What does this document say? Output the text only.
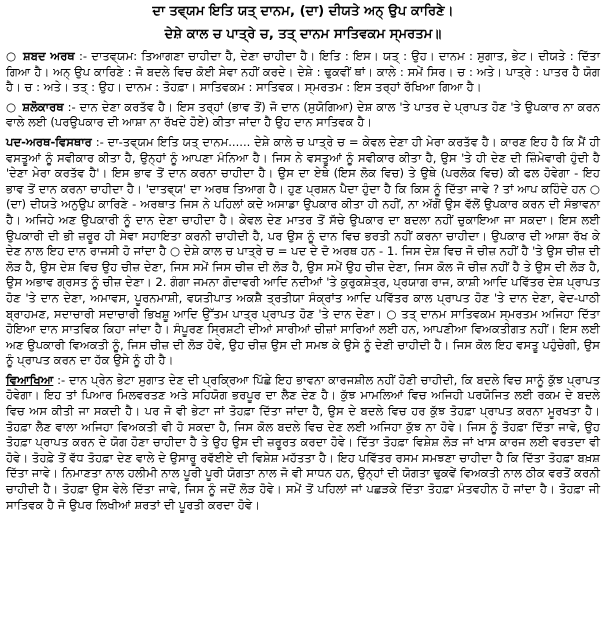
ਦਾ ਤਵ੍ਯਮ ਇਤਿ ਯਤ੍ ਦਾਨਮ, (ਦਾ) ਦੀਯਤੇ ਅਨ੍ ਉਪ ਕਾਰਿਣੇ।
ਦੇਸ਼ੇ ਕਾਲ ਚ ਪਾਤ੍ਰੇ ਚ, ਤਤ੍ ਦਾਨਮ ਸਾਤਿਵਕਮ ਸ੍ਮਰਤਮ॥

○ ਸ਼ਬਦ ਅਰਥ :- ਦਾਤਵ੍ਯਮ: ਤਿਆਗਣਾ ਚਾਹੀਦਾ ਹੈ, ਦੇਣਾ ਚਾਹੀਦਾ ਹੈ। ਇਤਿ : ਇਸ। ਯਤ੍ : ਉਹ। ਦਾਨਮ : ਸੁਗਾਤ, ਭੇਟ। ਦੀਯਤੇ : ਦਿੱਤਾ ਗਿਆ ਹੈ। ਅਨ੍ ਉਪ ਕਾਰਿਣੇ : ਜੋ ਬਦਲੇ ਵਿਚ ਕੋਈ ਸੇਵਾ ਨਹੀਂ ਕਰਦੇ। ਦੇਸ਼ੇ : ਢੁਕਵੀਂ ਥਾਂ। ਕਾਲੇ : ਸਮੇਂ ਸਿਰ। ਚ : ਅਤੇ। ਪਾਤ੍ਰੇ : ਪਾਤਰ ਹੈ ਯੋਗ ਹੈ। ਚ : ਅਤੇ। ਤਤ੍ : ਉਹ। ਦਾਨਮ : ਤੋਹਫ਼ਾ। ਸਾਤਿਵਕਮ : ਸਾਤਿਵਕ। ਸ੍ਮਰਤਮ : ਇਸ ਤਰ੍ਹਾਂ ਰੱਖਿਆ ਗਿਆ ਹੈ।

○ ਸ਼ਲੋਕਾਰਥ :- ਦਾਨ ਦੇਣਾ ਕਰਤੱਵ ਹੈ। ਇਸ ਤਰ੍ਹਾਂ (ਭਾਵ ਤੋਂ) ਜੋ ਦਾਨ (ਸੁਯੋਗਿਆ) ਦੇਸ਼ ਕਾਲ 'ਤੇ ਪਾਤਰ ਦੇ ਪ੍ਰਾਪਤ ਹੋਣ 'ਤੇ ਉਪਕਾਰ ਨਾ ਕਰਨ ਵਾਲੇ ਲਈ (ਪਰਉਪਕਾਰ ਦੀ ਆਸ਼ਾ ਨਾ ਰੱਖਦੇ ਹੋਏ) ਕੀਤਾ ਜਾਂਦਾ ਹੈ ਉਹ ਦਾਨ ਸਾਤਿਵਕ ਹੈ।

ਪਦ-ਅਰਥ-ਵਿਸਥਾਰ :- ਦਾ-ਤਵ੍ਯਮ ਇਤਿ ਯਤ੍ ਦਾਨਮ...... ਦੇਸ਼ੇ ਕਾਲੇ ਚ ਪਾਤ੍ਰੇ ਚ = ਕੇਵਲ ਦੇਣਾ ਹੀ ਮੇਰਾ ਕਰਤੱਵ ਹੈ। ਕਾਰਣ ਇਹ ਹੈ ਕਿ ਮੈਂ ਹੀ ਵਸਤੂਆਂ ਨੂੰ ਸਵੀਕਾਰ ਕੀਤਾ ਹੈ, ਉਨ੍ਹਾਂ ਨੂੰ ਆਪਣਾ ਮੰਨਿਆ ਹੈ। ਜਿਸ ਨੇ ਵਸਤੂਆਂ ਨੂੰ ਸਵੀਕਾਰ ਕੀਤਾ ਹੈ, ਉਸ 'ਤੇ ਹੀ ਦੇਣ ਦੀ ਜ਼ਿੰਮੇਵਾਰੀ ਹੁੰਦੀ ਹੈ 'ਦੇਣਾ ਮੇਰਾ ਕਰਤੱਵ ਹੈ'। ਇਸ ਭਾਵ ਤੋਂ ਦਾਨ ਕਰਨਾ ਚਾਹੀਦਾ ਹੈ। ਉਸ ਦਾ ਏਥੇ (ਇਸ ਲੋਕ ਵਿਚ) ਤੇ ਉਥੇ (ਪਰਲੋਕ ਵਿਚ) ਕੀ ਫਲ ਹੋਵੇਗਾ - ਇਹ ਭਾਵ ਤੋਂ ਦਾਨ ਕਰਨਾ ਚਾਹੀਦਾ ਹੈ। 'ਦਾਤਵ੍ਯ' ਦਾ ਅਰਥ ਤਿਆਗ ਹੈ। ਹੁਣ ਪ੍ਰਸ਼ਨ ਪੈਦਾ ਹੁੰਦਾ ਹੈ ਕਿ ਕਿਸ ਨੂੰ ਦਿੱਤਾ ਜਾਵੇ ? ਤਾਂ ਆਪ ਕਹਿੰਦੇ ਹਨ ○ (ਦਾ) ਦੀਯਤੇ ਅਨੁਉਪ ਕਾਰਿਣੇ - ਅਰਥਾਤ ਜਿਸ ਨੇ ਪਹਿਲਾਂ ਕਦੇ ਅਸਾਡਾ ਉਪਕਾਰ ਕੀਤਾ ਹੀ ਨਹੀਂ, ਨਾ ਅੱਗੋਂ ਉਸ ਵੱਲੋਂ ਉਪਕਾਰ ਕਰਨ ਦੀ ਸੰਭਾਵਨਾ ਹੈ। ਅਜਿਹੇ ਅਣ ਉਪਕਾਰੀ ਨੂੰ ਦਾਨ ਦੇਣਾ ਚਾਹੀਦਾ ਹੈ। ਕੇਵਲ ਦੇਣ ਮਾਤਰ ਤੋਂ ਸੱਚੇ ਉਪਕਾਰ ਦਾ ਬਦਲਾ ਨਹੀਂ ਚੁਕਾਇਆ ਜਾ ਸਕਦਾ। ਇਸ ਲਈ ਉਪਕਾਰੀ ਦੀ ਭੀ ਜ਼ਰੂਰ ਹੀ ਸੇਵਾ ਸਹਾਇਤਾ ਕਰਨੀ ਚਾਹੀਦੀ ਹੈ, ਪਰ ਉਸ ਨੂੰ ਦਾਨ ਵਿਚ ਭਰਤੀ ਨਹੀਂ ਕਰਨਾ ਚਾਹੀਦਾ। ਉਪਕਾਰ ਦੀ ਆਸ਼ਾ ਰੱਖ ਕੇ ਦੇਣ ਨਾਲ ਇਹ ਦਾਨ ਰਾਜਸੀ ਹੋ ਜਾਂਦਾ ਹੈ ○ ਦੇਸ਼ੇ ਕਾਲ ਚ ਪਾਤ੍ਰੇ ਚ = ਪਦ ਦੇ ਦੋ ਅਰਥ ਹਨ - 1. ਜਿਸ ਦੇਸ਼ ਵਿਚ ਜੋ ਚੀਜ਼ ਨਹੀਂ ਹੈ 'ਤੇ ਉਸ ਚੀਜ਼ ਦੀ ਲੋੜ ਹੈ, ਉਸ ਦੇਸ਼ ਵਿਚ ਉਹ ਚੀਜ਼ ਦੇਣਾ, ਜਿਸ ਸਮੇਂ ਜਿਸ ਚੀਜ਼ ਦੀ ਲੋੜ ਹੈ, ਉਸ ਸਮੇਂ ਉਹ ਚੀਜ਼ ਦੇਣਾ, ਜਿਸ ਕੋਲ ਜੋ ਚੀਜ਼ ਨਹੀਂ ਹੈ ਤੇ ਉਸ ਦੀ ਲੋੜ ਹੈ, ਉਸ ਅਭਾਵ ਗ੍ਰਸਤ ਨੂੰ ਚੀਜ਼ ਦੇਣਾ। 2. ਗੰਗਾ ਜਮਨਾ ਗੋਦਾਵਰੀ ਆਦਿ ਨਦੀਆਂ 'ਤੇ ਕੁਰੁਕਸ਼ੇਤ੍ਰ, ਪ੍ਰਯਾਗ ਰਾਜ, ਕਾਸ਼ੀ ਆਦਿ ਪਵਿੱਤਰ ਦੇਸ਼ ਪ੍ਰਾਪਤ ਹੋਣ 'ਤੇ ਦਾਨ ਦੇਣਾ, ਅਮਾਵਸ, ਪੂਰਨਮਾਸ਼ੀ, ਵਯਤੀਪਾਤ ਅਕਸ਼ੈ ਤ੍ਰਤੀਯਾ ਸੰਕ੍ਰਾਂਤ ਆਦਿ ਪਵਿੱਤਰ ਕਾਲ ਪ੍ਰਾਪਤ ਹੋਣ 'ਤੇ ਦਾਨ ਦੇਣਾ, ਵੇਦ-ਪਾਠੀ ਬ੍ਰਾਹਮਣ, ਸਦਾਚਾਰੀ ਸਦਾਚਾਰੀ ਭਿਖਸ਼ੂ ਆਦਿ ਉੱਤਮ ਪਾਤ੍ਰ ਪ੍ਰਾਪਤ ਹੋਣ 'ਤੇ ਦਾਨ ਦੇਣਾ। ○ ਤਤ੍ ਦਾਨਮ ਸਾਤਿਵਕਮ ਸ੍ਮਰਤਮ ਅਜਿਹਾ ਦਿੱਤਾ ਹੋਇਆ ਦਾਨ ਸਾਤਵਿਕ ਕਿਹਾ ਜਾਂਦਾ ਹੈ। ਸੰਪੂਰਣ ਸ੍ਰਿਸ਼ਟੀ ਦੀਆਂ ਸਾਰੀਆਂ ਚੀਜ਼ਾਂ ਸਾਰਿਆਂ ਲਈ ਹਨ, ਆਪਣੀਆ ਵਿਅਕਤੀਗਤ ਨਹੀਂ। ਇਸ ਲਈ ਅਣ ਉਪਕਾਰੀ ਵਿਅਕਤੀ ਨੂੰ, ਜਿਸ ਚੀਜ਼ ਦੀ ਲੋੜ ਹੋਵੇ, ਉਹ ਚੀਜ਼ ਉਸ ਦੀ ਸਮਝ ਕੇ ਉਸੇ ਨੂੰ ਦੇਣੀ ਚਾਹੀਦੀ ਹੈ। ਜਿਸ ਕੋਲ ਇਹ ਵਸਤੂ ਪਹੁੰਚੇਗੀ, ਉਸ ਨੂੰ ਪ੍ਰਾਪਤ ਕਰਨ ਦਾ ਹੱਕ ਉਸੇ ਨੂੰ ਹੀ ਹੈ।

ਵਿਆਖਿਆ :- ਦਾਨ ਪ੍ਰੇਨ ਭੇਟਾ ਸੁਗਾਤ ਦੇਣ ਦੀ ਪ੍ਰਕ੍ਰਿਆ ਪਿੱਛੇ ਇਹ ਭਾਵਨਾ ਕਾਰਜਸ਼ੀਲ ਨਹੀਂ ਹੋਣੀ ਚਾਹੀਦੀ, ਕਿ ਬਦਲੇ ਵਿਚ ਸਾਨੂੰ ਕੁੱਝ ਪ੍ਰਾਪਤ ਹੋਵੇਗਾ। ਇਹ ਤਾਂ ਪਿਆਰ ਮਿਲਵਰਤਣ ਅਤੇ ਸਹਿਯੋਗ ਭਰਪੂਰ ਦਾ ਲੈਣ ਦੇਣ ਹੈ। ਕੁੱਝ ਮਾਮਲਿਆਂ ਵਿਚ ਅਜਿਹੀ ਪਰਯੋਜਿਤ ਲਈ ਰਕਮ ਦੇ ਬਦਲੇ ਵਿਚ ਅਸ ਕੀਤੀ ਜਾ ਸਕਦੀ ਹੈ। ਪਰ ਜੋ ਵੀ ਭੇਟਾ ਜਾਂ ਤੋਹਫ਼ਾ ਦਿੱਤਾ ਜਾਂਦਾ ਹੈ, ਉਸ ਦੇ ਬਦਲੇ ਵਿਚ ਹਰ ਕੁੱਝ ਤੋਹਫ਼ਾ ਪ੍ਰਾਪਤ ਕਰਨਾ ਮੂਰਖਤਾ ਹੈ। ਤੋਹਫ਼ਾ ਲੈਣ ਵਾਲਾ ਅਜਿਹਾ ਵਿਅਕਤੀ ਵੀ ਹੋ ਸਕਦਾ ਹੈ, ਜਿਸ ਕੋਲ ਬਦਲੇ ਵਿਚ ਦੇਣ ਲਈ ਅਜਿਹਾ ਕੁੱਝ ਨਾ ਹੋਵੇ। ਜਿਸ ਨੂੰ ਤੋਹਫ਼ਾ ਦਿੱਤਾ ਜਾਵੇ, ਉਹ ਤੋਹਫ਼ਾ ਪ੍ਰਾਪਤ ਕਰਨ ਦੇ ਯੋਗ ਹੋਣਾ ਚਾਹੀਦਾ ਹੈ ਤੇ ਉਹ ਉਸ ਦੀ ਜ਼ਰੂਰਤ ਕਰਦਾ ਹੋਵੇ। ਦਿੱਤਾ ਤੋਹਫ਼ਾ ਵਿਸ਼ੇਸ਼ ਲੋੜ ਜਾਂ ਖਾਸ ਕਾਰਜ ਲਈ ਵਰਤਦਾ ਵੀ ਹੋਵੇ। ਤੋਹਫ਼ੇ ਤੋਂ ਵੱਧ ਤੋਹਫ਼ਾ ਦੇਣ ਵਾਲੇ ਦੇ ਉਸਾਰੂ ਰਵੱਈਏ ਦੀ ਵਿਸ਼ੇਸ਼ ਮਹੱਤਤਾ ਹੈ। ਇਹ ਪਵਿੱਤਰ ਰਸਮ ਸਮਝਣਾ ਚਾਹੀਦਾ ਹੈ ਕਿ ਦਿੱਤਾ ਤੋਹਫ਼ਾ ਬਖ਼ਸ਼ ਦਿੱਤਾ ਜਾਵੇ। ਨਿਮਾਣਤਾ ਨਾਲ ਹਲੀਮੀ ਨਾਲ ਪੂਰੀ ਪੂਰੀ ਯੋਗਤਾ ਨਾਲ ਜੋ ਵੀ ਸਾਧਨ ਹਨ, ਉਨ੍ਹਾਂ ਦੀ ਯੋਗਤਾ ਢੁਕਵੇਂ ਵਿਅਕਤੀ ਨਾਲ ਠੀਕ ਵਰਤੋਂ ਕਰਨੀ ਚਾਹੀਦੀ ਹੈ। ਤੋਹਫ਼ਾ ਉਸ ਵੇਲੇ ਦਿੱਤਾ ਜਾਵੇ, ਜਿਸ ਨੂੰ ਜਦੋਂ ਲੋੜ ਹੋਵੇ। ਸਮੇਂ ਤੋਂ ਪਹਿਲਾਂ ਜਾਂ ਪਛੜਕੇ ਦਿੱਤਾ ਤੋਹਫ਼ਾ ਮੰਤਵਹੀਨ ਹੋ ਜਾਂਦਾ ਹੈ। ਤੋਹਫ਼ਾ ਜੀ ਸਾਤਿਵਕ ਹੈ ਜੋ ਉਪਰ ਲਿਖੀਆਂ ਸ਼ਰਤਾਂ ਦੀ ਪੂਰਤੀ ਕਰਦਾ ਹੋਵੇ।
